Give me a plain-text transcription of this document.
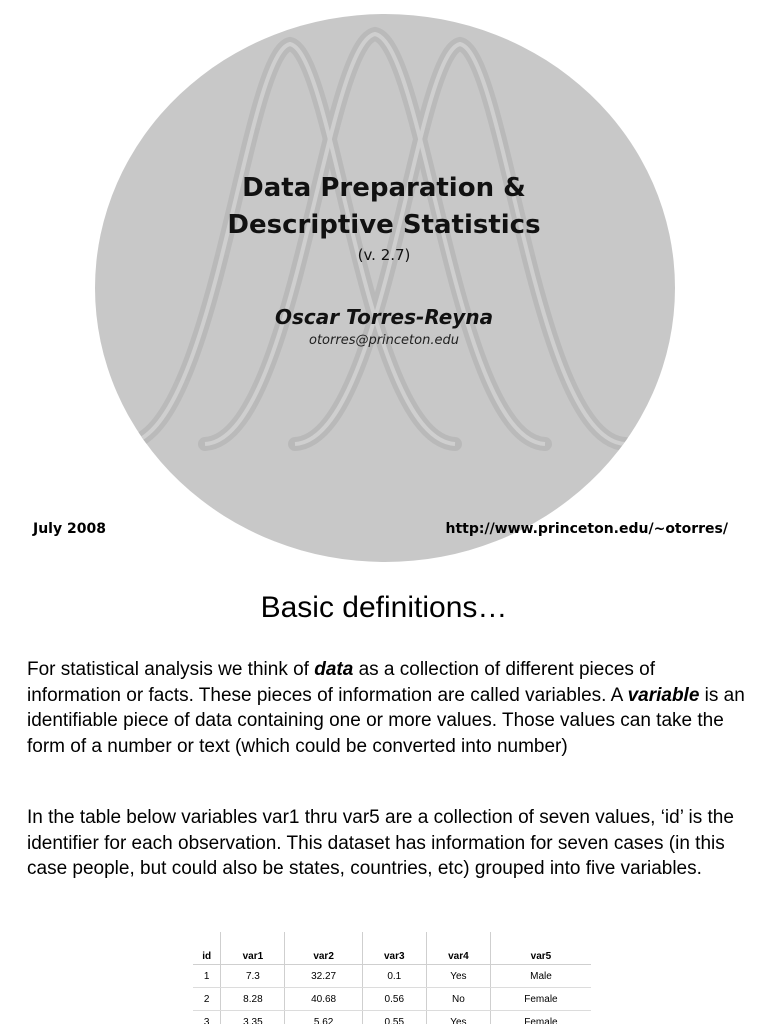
Data Preparation &
Descriptive Statistics
(v. 2.7)
Oscar Torres-Reyna
otorres@princeton.edu
July 2008	http://www.princeton.edu/~otorres/
Basic definitions…

For statistical analysis we think of data as a collection of different pieces of information or facts. These pieces of information are called variables. A variable is an identifiable piece of data containing one or more values. Those values can take the form of a number or text (which could be converted into number)

In the table below variables var1 thru var5 are a collection of seven values, ‘id’ is the identifier for each observation. This dataset has information for seven cases (in this case people, but could also be states, countries, etc) grouped into five variables.

id	var1	var2	var3	var4	var5
1	7.3	32.27	0.1	Yes	Male
2	8.28	40.68	0.56	No	Female
3	3.35	5.62	0.55	Yes	Female
